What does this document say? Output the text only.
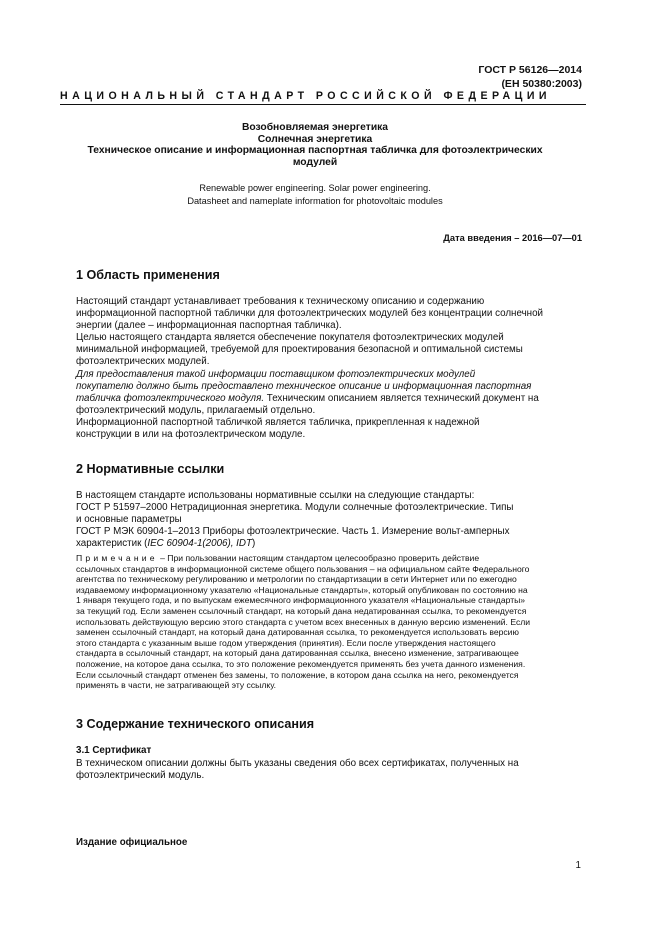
ГОСТ Р 56126—2014
(ЕН 50380:2003)
НАЦИОНАЛЬНЫЙ СТАНДАРТ РОССИЙСКОЙ ФЕДЕРАЦИИ
Возобновляемая энергетика
Солнечная энергетика
Техническое описание и информационная паспортная табличка для фотоэлектрических
модулей
Renewable power engineering. Solar power engineering.
Datasheet and nameplate information for photovoltaic modules
Дата введения – 2016—07—01
1 Область применения

Настоящий стандарт устанавливает требования к техническому описанию и содержанию
информационной паспортной таблички для фотоэлектрических модулей без концентрации солнечной
энергии (далее – информационная паспортная табличка).

Целью настоящего стандарта является обеспечение покупателя фотоэлектрических модулей
минимальной информацией, требуемой для проектирования безопасной и оптимальной системы
фотоэлектрических модулей.

Для предоставления такой информации поставщиком фотоэлектрических модулей
покупателю должно быть предоставлено техническое описание и информационная паспортная
табличка фотоэлектрического модуля. Техническим описанием является технический документ на
фотоэлектрический модуль, прилагаемый отдельно.

Информационной паспортной табличкой является табличка, прикрепленная к надежной
конструкции в или на фотоэлектрическом модуле.

2 Нормативные ссылки
В настоящем стандарте использованы нормативные ссылки на следующие стандарты:
ГОСТ Р 51597–2000 Нетрадиционная энергетика. Модули солнечные фотоэлектрические. Типы
и основные параметры
ГОСТ Р МЭК 60904-1–2013 Приборы фотоэлектрические. Часть 1. Измерение вольт-амперных
характеристик (IEC 60904-1(2006), IDT)
Примечание – При пользовании настоящим стандартом целесообразно проверить действие
ссылочных стандартов в информационной системе общего пользования – на официальном сайте Федерального
агентства по техническому регулированию и метрологии по стандартизации в сети Интернет или по ежегодно
издаваемому информационному указателю «Национальные стандарты», который опубликован по состоянию на
1 января текущего года, и по выпускам ежемесячного информационного указателя «Национальные стандарты»
за текущий год. Если заменен ссылочный стандарт, на который дана недатированная ссылка, то рекомендуется
использовать действующую версию этого стандарта с учетом всех внесенных в данную версию изменений. Если
заменен ссылочный стандарт, на который дана датированная ссылка, то рекомендуется использовать версию
этого стандарта с указанным выше годом утверждения (принятия). Если после утверждения настоящего
стандарта в ссылочный стандарт, на который дана датированная ссылка, внесено изменение, затрагивающее
положение, на которое дана ссылка, то это положение рекомендуется применять без учета данного изменения.
Если ссылочный стандарт отменен без замены, то положение, в котором дана ссылка на него, рекомендуется
применять в части, не затрагивающей эту ссылку.
3 Содержание технического описания
3.1 Сертификат
В техническом описании должны быть указаны сведения обо всех сертификатах, полученных на
фотоэлектрический модуль.
Издание официальное
1
